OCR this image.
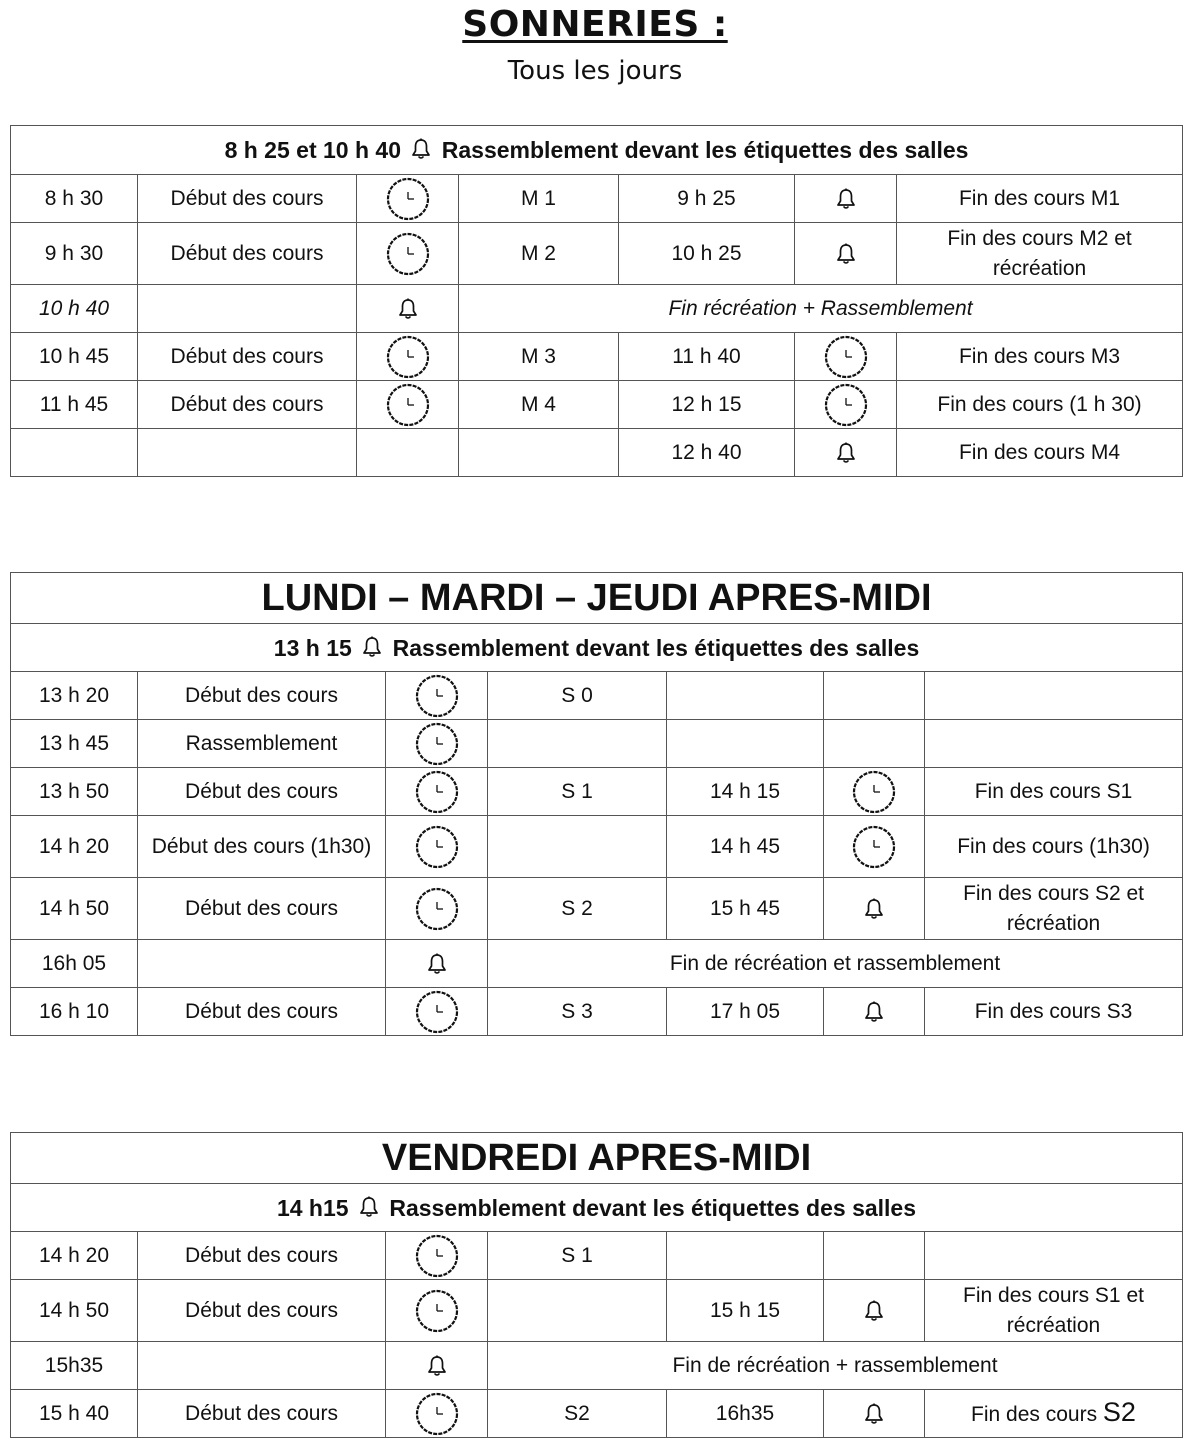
SONNERIES :
Tous les jours
8 h 25 et 10 h 40 Rassemblement devant les étiquettes des salles						
8 h 30	Début des cours		M 1	9 h 25		Fin des cours M1
9 h 30	Début des cours		M 2	10 h 25		Fin des cours M2 et récréation
10 h 40			Fin récréation + Rassemblement			
10 h 45	Début des cours		M 3	11 h 40		Fin des cours M3
11 h 45	Début des cours		M 4	12 h 15		Fin des cours (1 h 30)
				12 h 40		Fin des cours M4
LUNDI – MARDI – JEUDI APRES-MIDI						
13 h 15 Rassemblement devant les étiquettes des salles						
13 h 20	Début des cours		S 0			
13 h 45	Rassemblement					
13 h 50	Début des cours		S 1	14 h 15		Fin des cours S1
14 h 20	Début des cours (1h30)			14 h 45		Fin des cours (1h30)
14 h 50	Début des cours		S 2	15 h 45		Fin des cours S2 et récréation
16h 05			Fin de récréation et rassemblement			
16 h 10	Début des cours		S 3	17 h 05		Fin des cours S3
VENDREDI APRES-MIDI						
14 h15 Rassemblement devant les étiquettes des salles						
14 h 20	Début des cours		S 1			
14 h 50	Début des cours			15 h 15		Fin des cours S1 et récréation
15h35			Fin de récréation + rassemblement			
15 h 40	Début des cours		S2	16h35		Fin des cours S2
